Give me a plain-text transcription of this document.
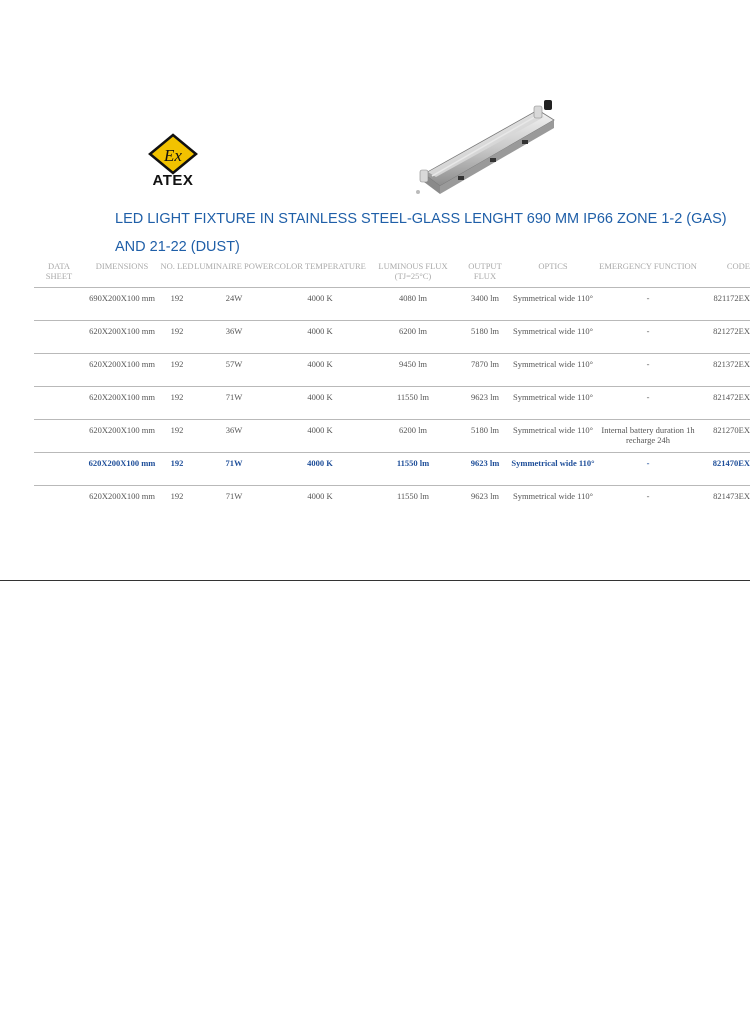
Ex
ATEX
LED LIGHT FIXTURE IN STAINLESS STEEL-GLASS LENGHT 690 MM IP66 ZONE 1-2 (GAS) AND 21-22 (DUST)
DATA SHEET	DIMENSIONS	NO. LED	LUMINAIRE POWER	COLOR TEMPERATURE	LUMINOUS FLUX (TJ=25°C)	OUTPUT FLUX	OPTICS	EMERGENCY FUNCTION	CODE
	690X200X100 mm	192	24W	4000 K	4080 lm	3400 lm	Symmetrical wide 110°	-	821172EX
	620X200X100 mm	192	36W	4000 K	6200 lm	5180 lm	Symmetrical wide 110°	-	821272EX
	620X200X100 mm	192	57W	4000 K	9450 lm	7870 lm	Symmetrical wide 110°	-	821372EX
	620X200X100 mm	192	71W	4000 K	11550 lm	9623 lm	Symmetrical wide 110°	-	821472EX
	620X200X100 mm	192	36W	4000 K	6200 lm	5180 lm	Symmetrical wide 110°	Internal battery duration 1h recharge 24h	821270EX
	620X200X100 mm	192	71W	4000 K	11550 lm	9623 lm	Symmetrical wide 110°	-	821470EX
	620X200X100 mm	192	71W	4000 K	11550 lm	9623 lm	Symmetrical wide 110°	-	821473EX
